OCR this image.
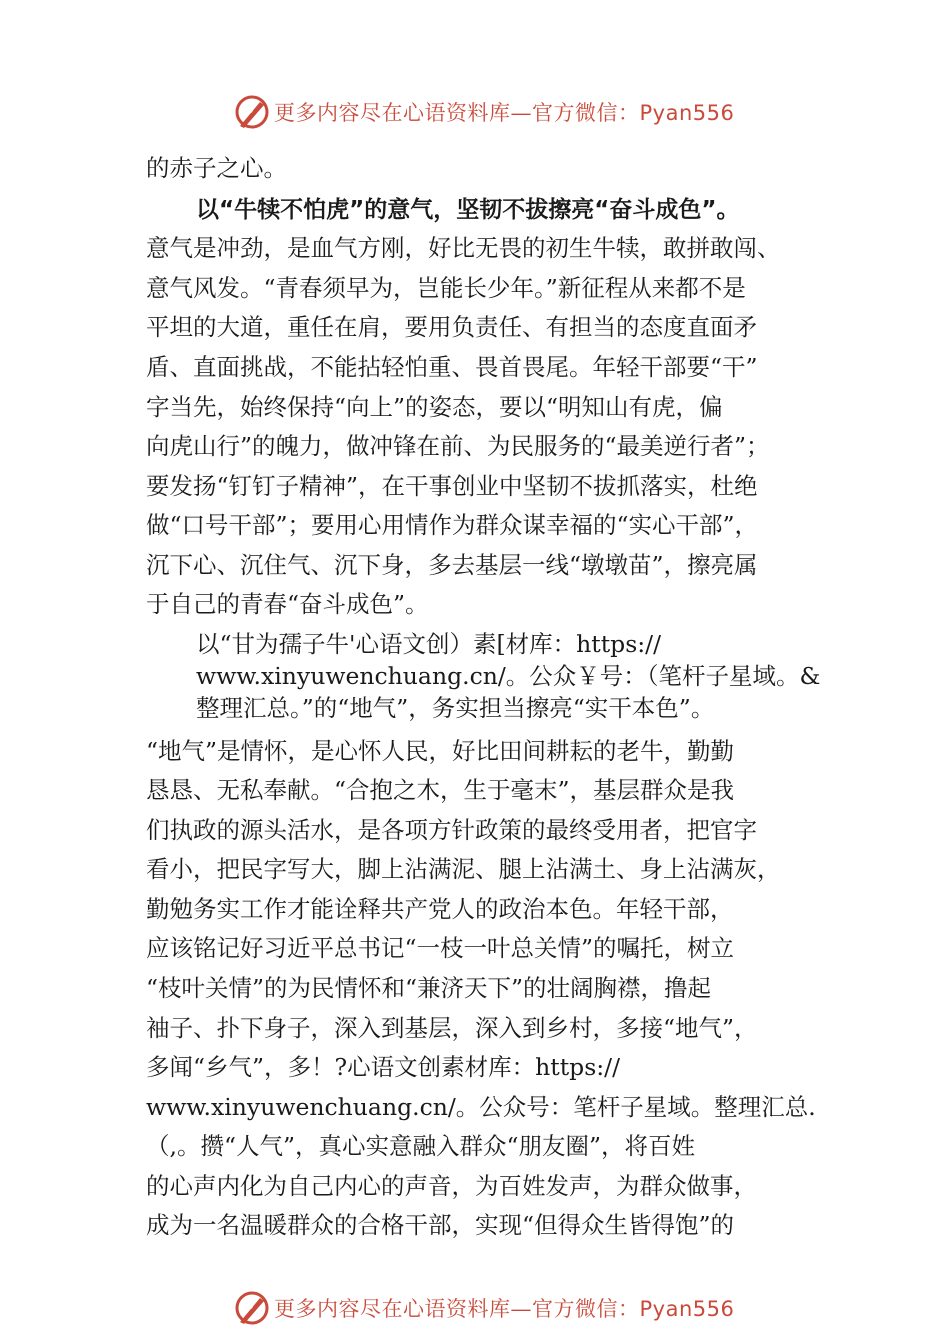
更多内容尽在心语资料库—官方微信：Pyan556
的赤子之心。
以“牛犊不怕虎”的意气，坚韧不拔擦亮“奋斗成色”。
意气是冲劲，是血气方刚，好比无畏的初生牛犊，敢拼敢闯、
意气风发。“青春须早为，岂能长少年。”新征程从来都不是
平坦的大道，重任在肩，要用负责任、有担当的态度直面矛
盾、直面挑战，不能拈轻怕重、畏首畏尾。年轻干部要“干”
字当先，始终保持“向上”的姿态，要以“明知山有虎，偏
向虎山行”的魄力，做冲锋在前、为民服务的“最美逆行者”；
要发扬“钉钉子精神”，在干事创业中坚韧不拔抓落实，杜绝
做“口号干部”；要用心用情作为群众谋幸福的“实心干部”，
沉下心、沉住气、沉下身，多去基层一线“墩墩苗”，擦亮属
于自己的青春“奋斗成色”。
以“甘为孺子牛'心语文创）素[材库：https://
www.xinyuwenchuang.cn/。公众￥号：（笔杆子星域。&
整理汇总。”的“地气”，务实担当擦亮“实干本色”。
“地气”是情怀，是心怀人民，好比田间耕耘的老牛，勤勤
恳恳、无私奉献。“合抱之木，生于毫末”，基层群众是我
们执政的源头活水，是各项方针政策的最终受用者，把官字
看小，把民字写大，脚上沾满泥、腿上沾满土、身上沾满灰，
勤勉务实工作才能诠释共产党人的政治本色。年轻干部，
应该铭记好习近平总书记“一枝一叶总关情”的嘱托，树立
“枝叶关情”的为民情怀和“兼济天下”的壮阔胸襟，撸起
袖子、扑下身子，深入到基层，深入到乡村，多接“地气”，
多闻“乡气”，多！?心语文创素材库：https://
www.xinyuwenchuang.cn/。公众号：笔杆子星域。整理汇总.
（,。攒“人气”，真心实意融入群众“朋友圈”，将百姓
的心声内化为自己内心的声音，为百姓发声，为群众做事，
成为一名温暖群众的合格干部，实现“但得众生皆得饱”的
更多内容尽在心语资料库—官方微信：Pyan556
